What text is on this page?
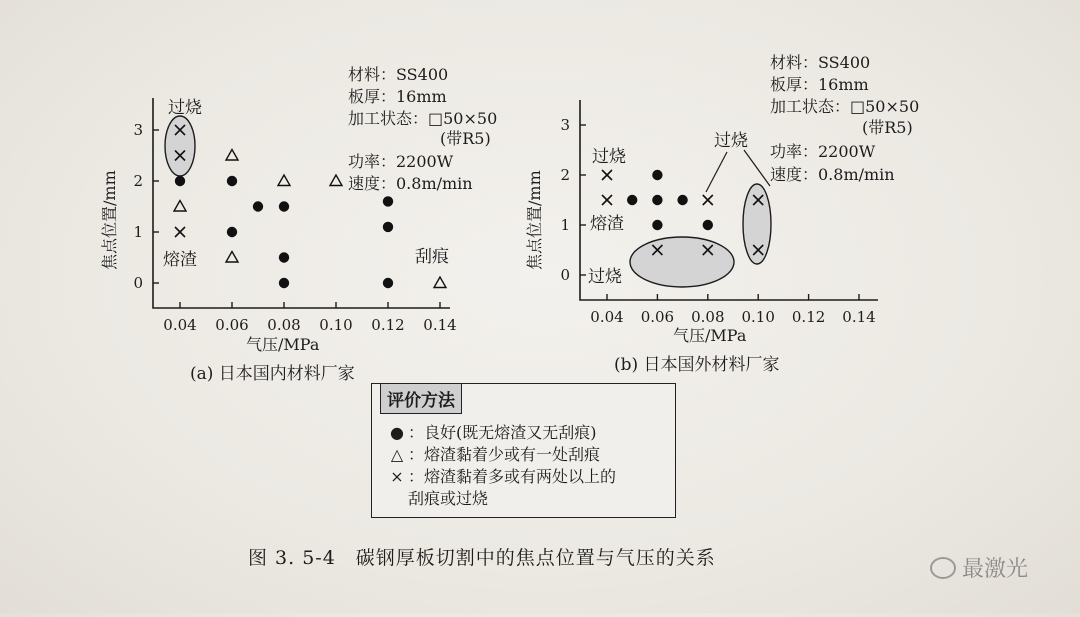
0.04 0.06 0.08 0.10 0.12 0.14
0
1
2
3
气压/MPa
焦点位置/mm
(a) 日本国内材料厂家
过烧
熔渣	刮痕
材料：SS400
板厚：16mm
加工状态：□50×50
(带R5)
功率：2200W
速度：0.8m/min
0.04 0.06 0.08 0.10 0.12 0.14
0
1
2
3
气压/MPa
焦点位置/mm
(b) 日本国外材料厂家
过烧
熔渣
过烧
过烧
材料：SS400
板厚：16mm
加工状态：□50×50
(带R5)
功率：2200W
速度：0.8m/min
评价方法
● ：良好(既无熔渣又无刮痕)
△ ：熔渣黏着少或有一处刮痕
× ：熔渣黏着多或有两处以上的
刮痕或过烧
图 3. 5-4　碳钢厚板切割中的焦点位置与气压的关系	最激光
